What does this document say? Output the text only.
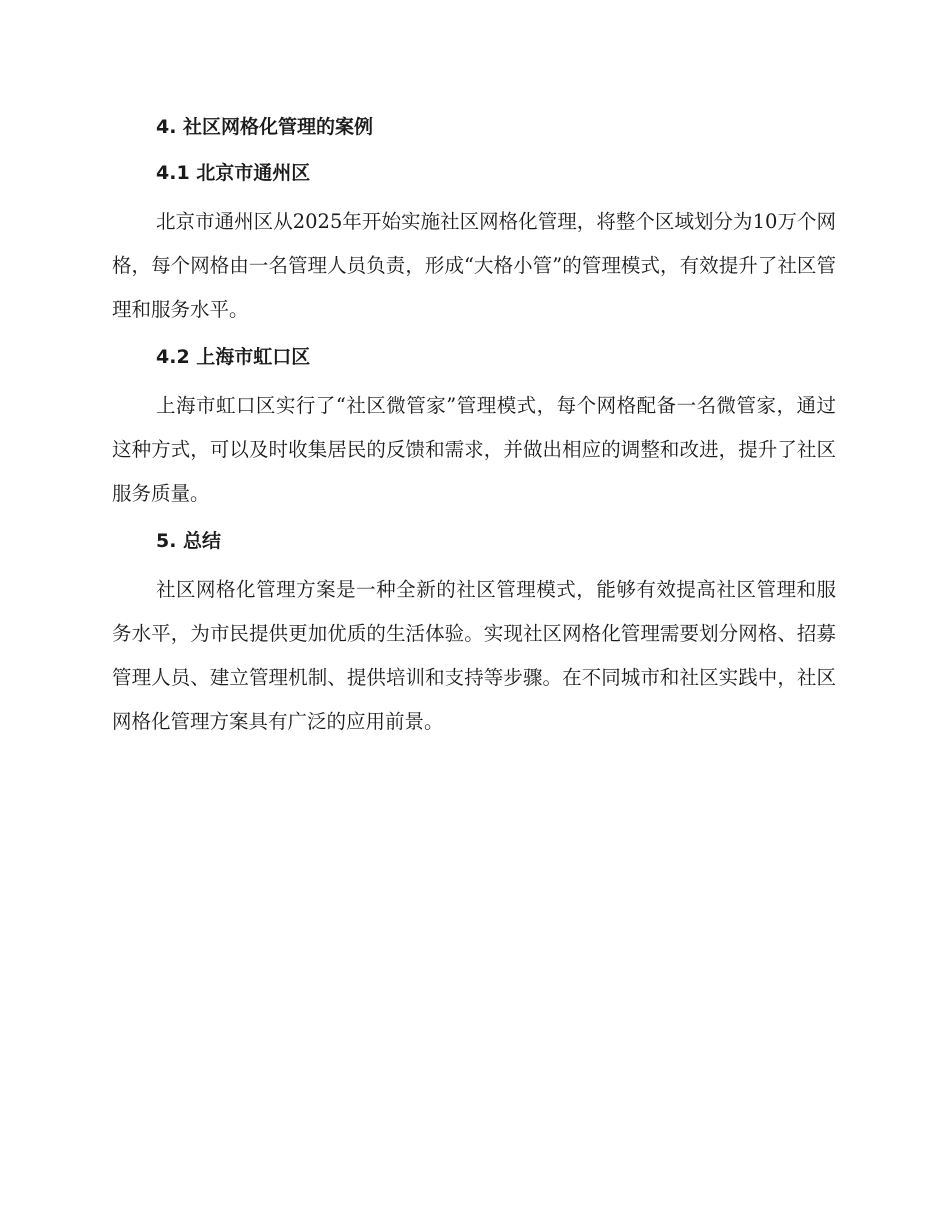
4. 社区网格化管理的案例
4.1 北京市通州区

北京市通州区从2025年开始实施社区网格化管理，将整个区域划分为10万个网格，每个网格由一名管理人员负责，形成“大格小管”的管理模式，有效提升了社区管理和服务水平。

4.2 上海市虹口区

上海市虹口区实行了“社区微管家”管理模式，每个网格配备一名微管家，通过这种方式，可以及时收集居民的反馈和需求，并做出相应的调整和改进，提升了社区服务质量。

5. 总结

社区网格化管理方案是一种全新的社区管理模式，能够有效提高社区管理和服务水平，为市民提供更加优质的生活体验。实现社区网格化管理需要划分网格、招募管理人员、建立管理机制、提供培训和支持等步骤。在不同城市和社区实践中，社区网格化管理方案具有广泛的应用前景。
